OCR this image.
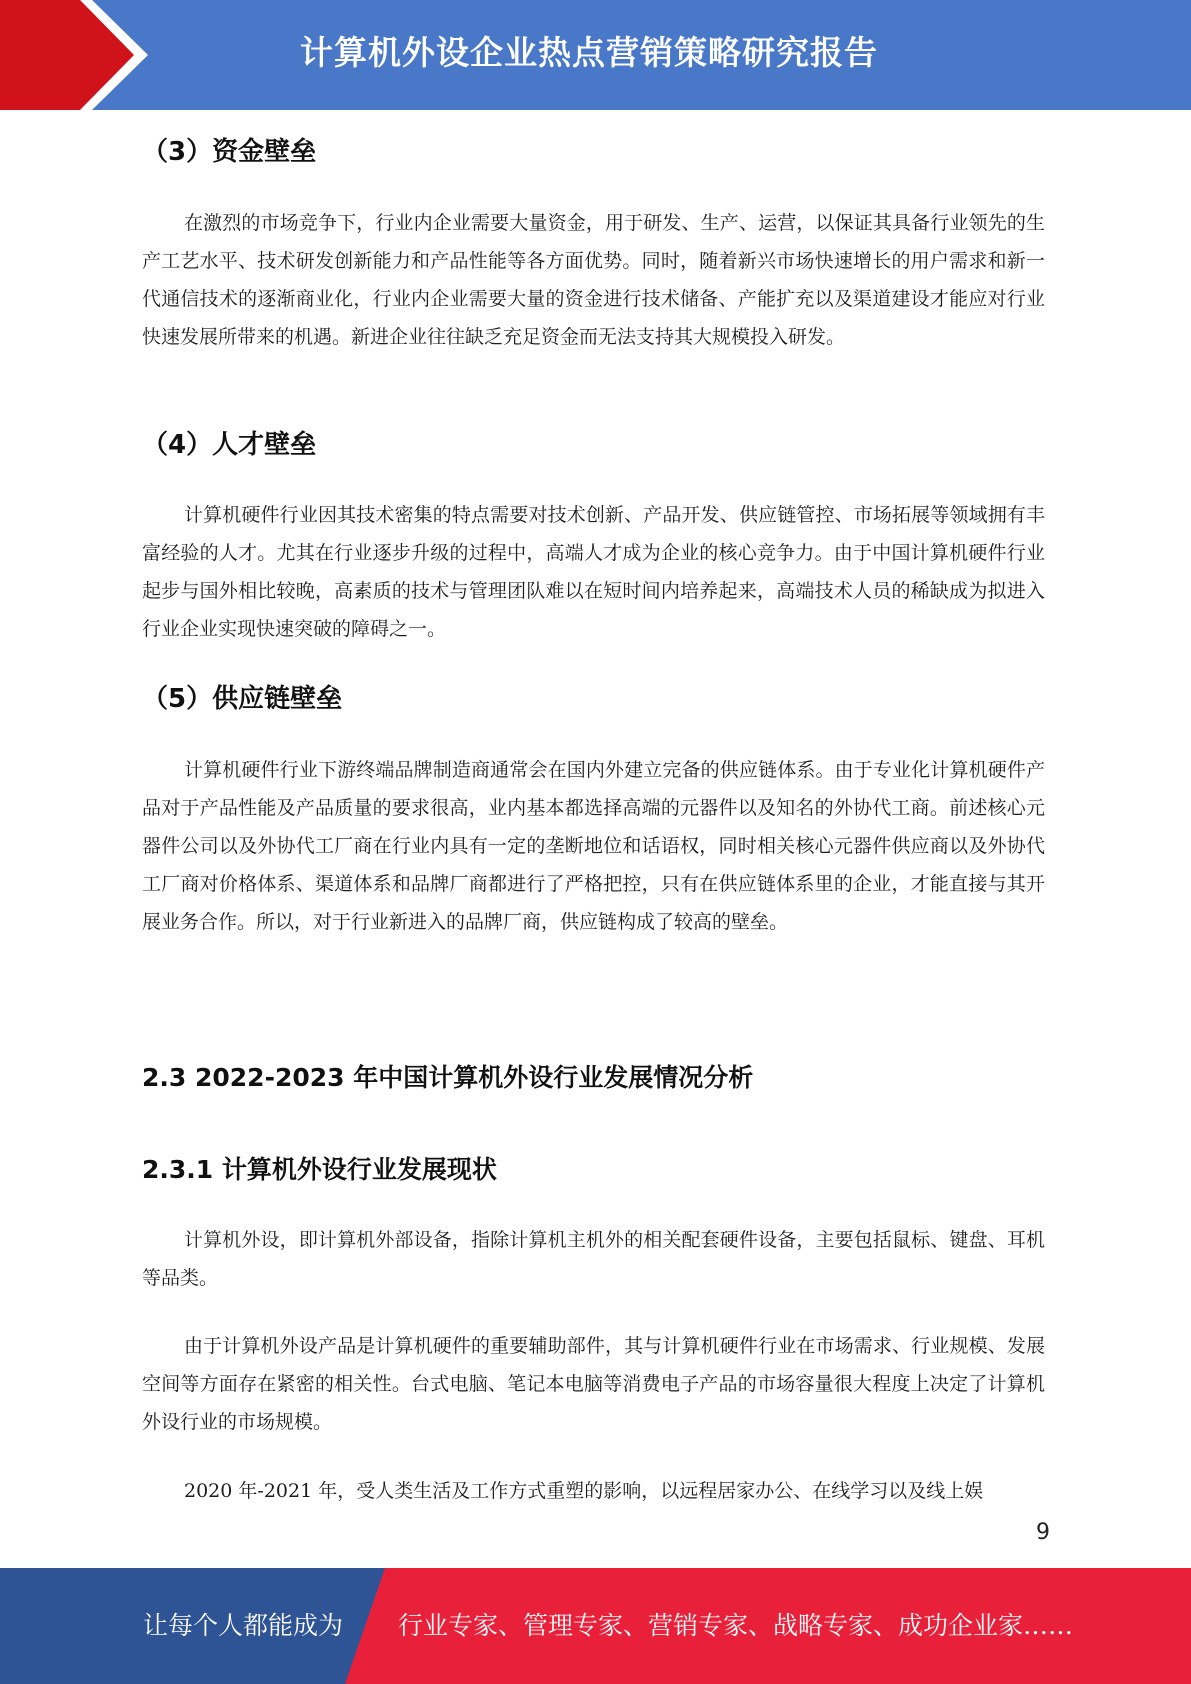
计算机外设企业热点营销策略研究报告
（3）资金壁垒

在激烈的市场竞争下，行业内企业需要大量资金，用于研发、生产、运营，以保证其具备行业领先的生产工艺水平、技术研发创新能力和产品性能等各方面优势。同时，随着新兴市场快速增长的用户需求和新一代通信技术的逐渐商业化，行业内企业需要大量的资金进行技术储备、产能扩充以及渠道建设才能应对行业快速发展所带来的机遇。新进企业往往缺乏充足资金而无法支持其大规模投入研发。

（4）人才壁垒

计算机硬件行业因其技术密集的特点需要对技术创新、产品开发、供应链管控、市场拓展等领域拥有丰富经验的人才。尤其在行业逐步升级的过程中，高端人才成为企业的核心竞争力。由于中国计算机硬件行业起步与国外相比较晚，高素质的技术与管理团队难以在短时间内培养起来，高端技术人员的稀缺成为拟进入行业企业实现快速突破的障碍之一。

（5）供应链壁垒

计算机硬件行业下游终端品牌制造商通常会在国内外建立完备的供应链体系。由于专业化计算机硬件产品对于产品性能及产品质量的要求很高，业内基本都选择高端的元器件以及知名的外协代工商。前述核心元器件公司以及外协代工厂商在行业内具有一定的垄断地位和话语权，同时相关核心元器件供应商以及外协代工厂商对价格体系、渠道体系和品牌厂商都进行了严格把控，只有在供应链体系里的企业，才能直接与其开展业务合作。所以，对于行业新进入的品牌厂商，供应链构成了较高的壁垒。

2.3 2022-2023 年中国计算机外设行业发展情况分析
2.3.1 计算机外设行业发展现状

计算机外设，即计算机外部设备，指除计算机主机外的相关配套硬件设备，主要包括鼠标、键盘、耳机等品类。

由于计算机外设产品是计算机硬件的重要辅助部件，其与计算机硬件行业在市场需求、行业规模、发展空间等方面存在紧密的相关性。台式电脑、笔记本电脑等消费电子产品的市场容量很大程度上决定了计算机外设行业的市场规模。

2020 年-2021 年，受人类生活及工作方式重塑的影响，以远程居家办公、在线学习以及线上娱

9
让每个人都能成为 行业专家、管理专家、营销专家、战略专家、成功企业家……
